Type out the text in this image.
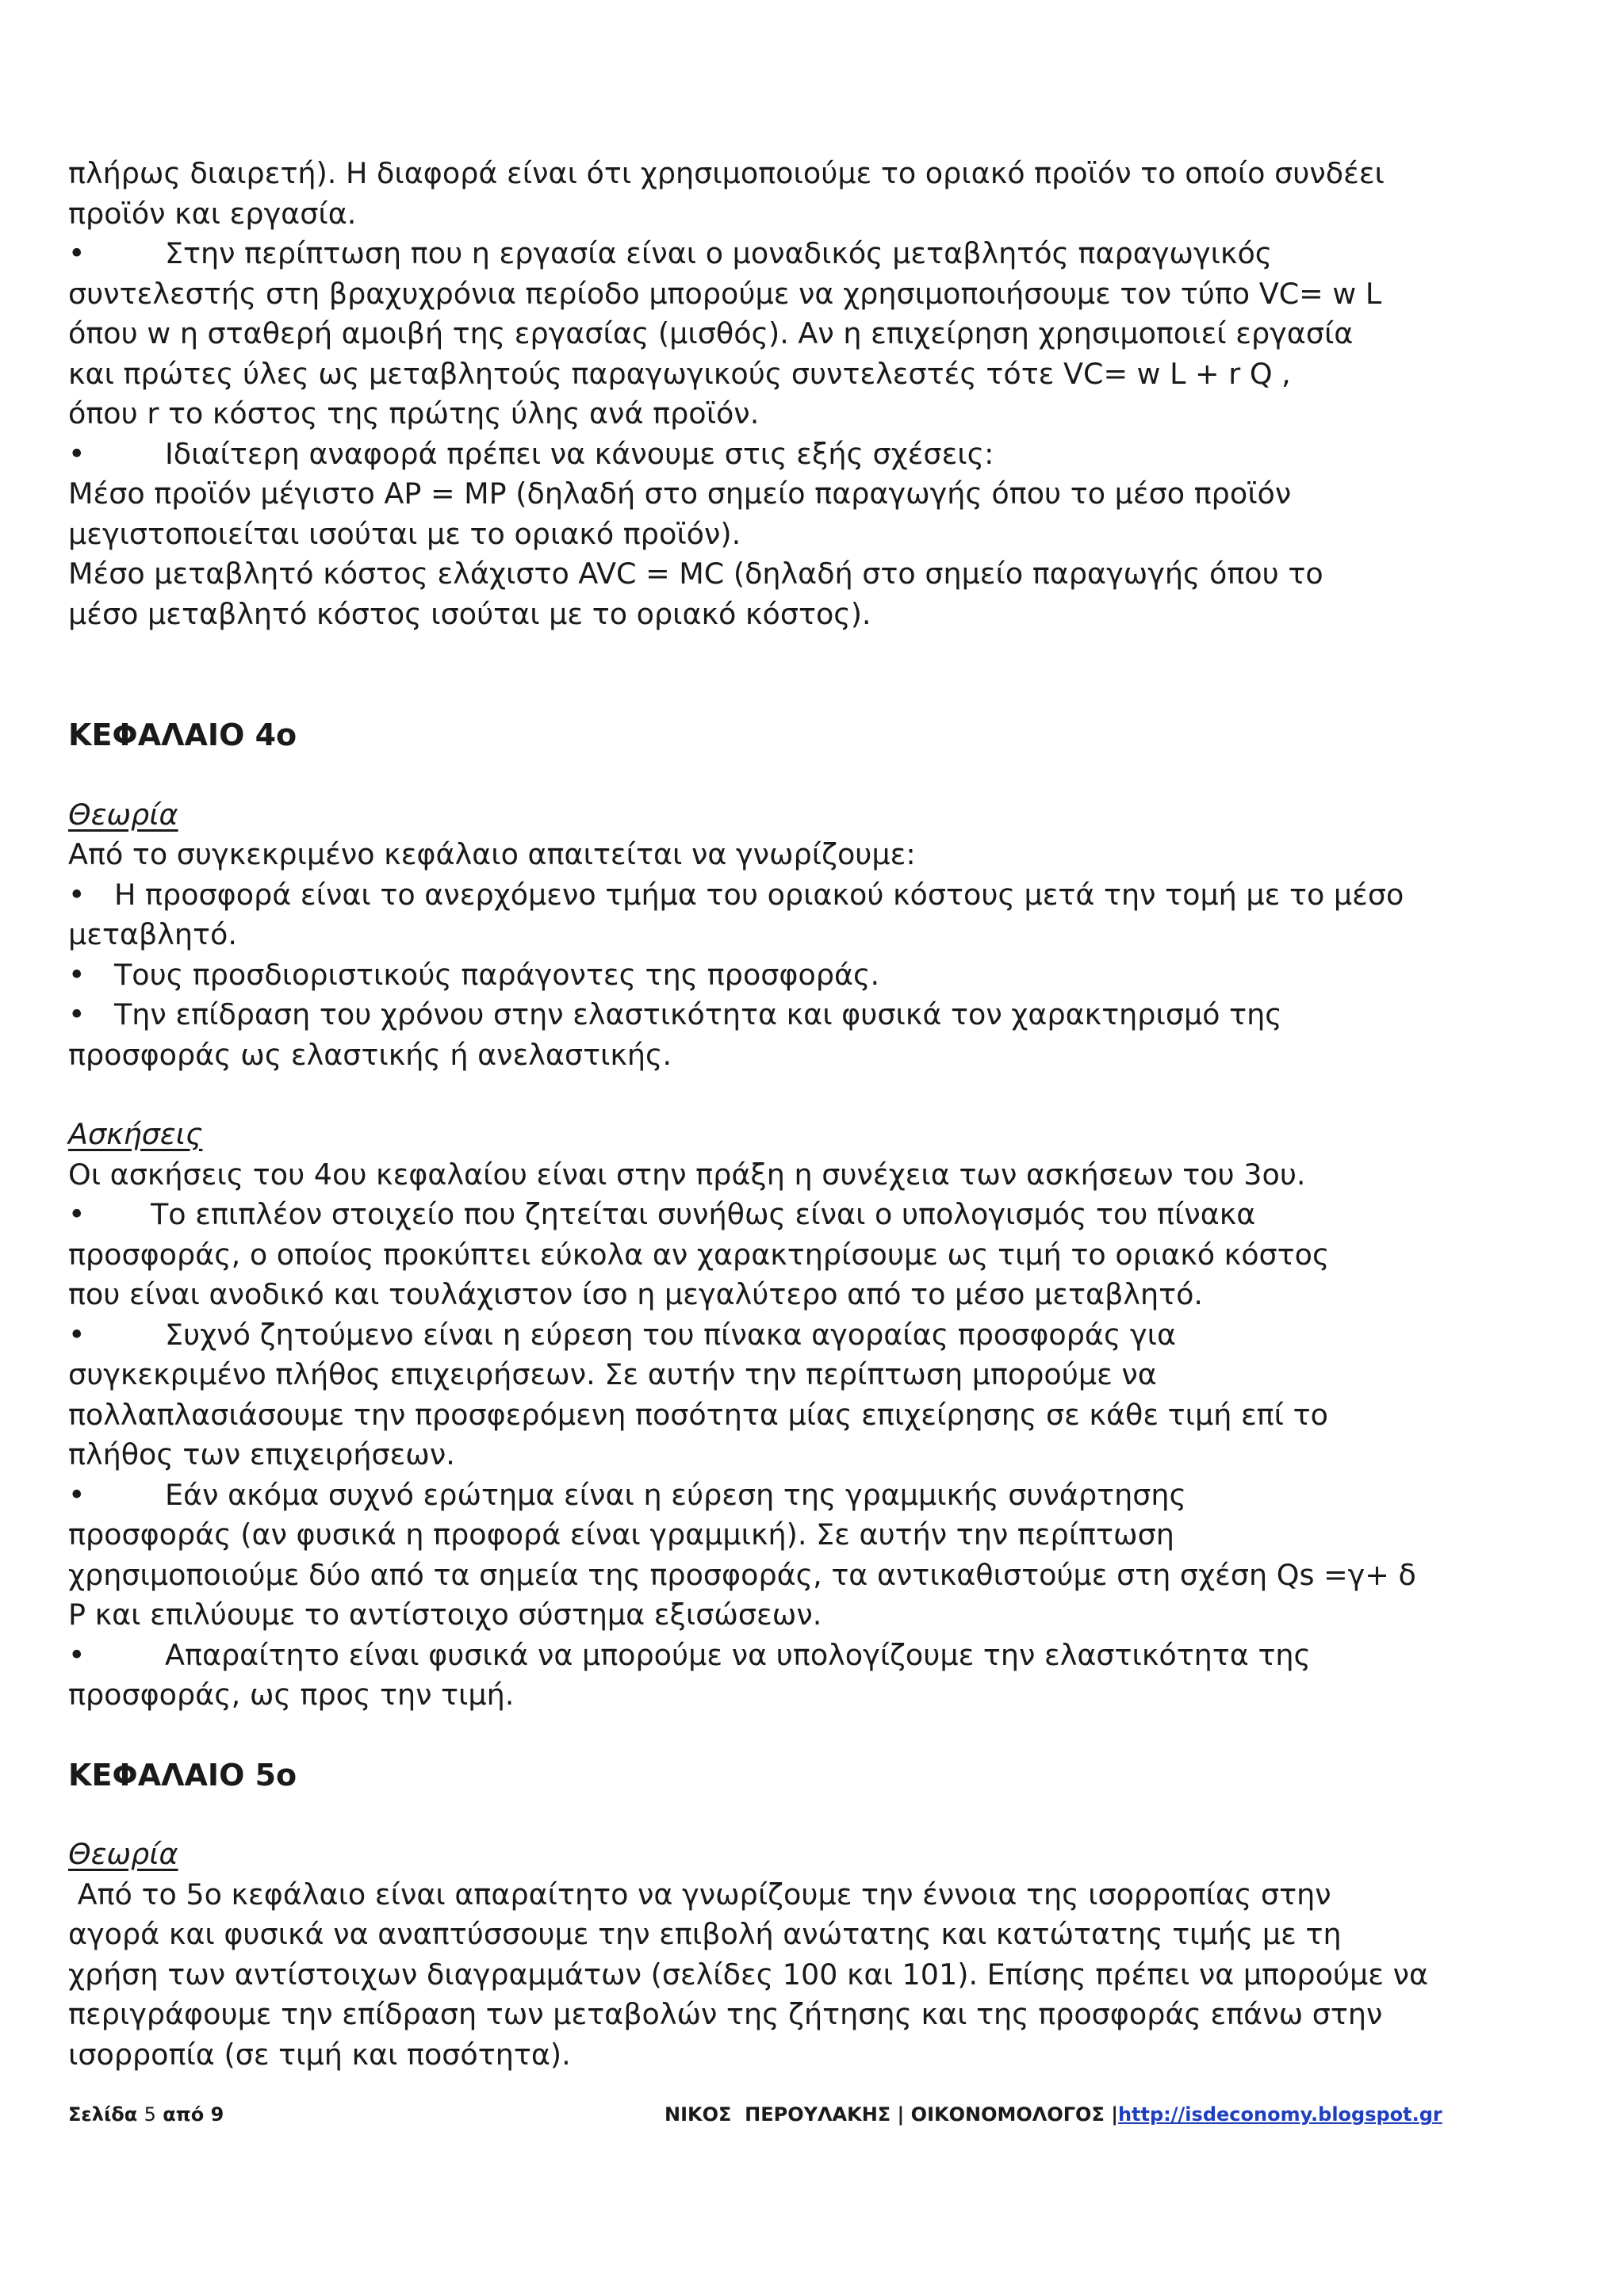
πλήρως διαιρετή). Η διαφορά είναι ότι χρησιμοποιούμε το οριακό προϊόν το οποίο συνδέει
προϊόν και εργασία.
•	Στην περίπτωση που η εργασία είναι ο μοναδικός μεταβλητός παραγωγικός
συντελεστής στη βραχυχρόνια περίοδο μπορούμε να χρησιμοποιήσουμε τον τύπο VC= w L
όπου w η σταθερή αμοιβή της εργασίας (μισθός). Αν η επιχείρηση χρησιμοποιεί εργασία
και πρώτες ύλες ως μεταβλητούς παραγωγικούς συντελεστές τότε VC= w L + r Q ,
όπου r το κόστος της πρώτης ύλης ανά προϊόν.
•	Ιδιαίτερη αναφορά πρέπει να κάνουμε στις εξής σχέσεις:
Μέσο προϊόν μέγιστο AP = MP (δηλαδή στο σημείο παραγωγής όπου το μέσο προϊόν
μεγιστοποιείται ισούται με το οριακό προϊόν).
Μέσο μεταβλητό κόστος ελάχιστο AVC = MC (δηλαδή στο σημείο παραγωγής όπου το
μέσο μεταβλητό κόστος ισούται με το οριακό κόστος).
ΚΕΦΑΛΑΙΟ 4ο
Θεωρία
Από το συγκεκριμένο κεφάλαιο απαιτείται να γνωρίζουμε:
• Η προσφορά είναι το ανερχόμενο τμήμα του οριακού κόστους μετά την τομή με το μέσο
μεταβλητό.
• Τους προσδιοριστικούς παράγοντες της προσφοράς.
• Την επίδραση του χρόνου στην ελαστικότητα και φυσικά τον χαρακτηρισμό της
προσφοράς ως ελαστικής ή ανελαστικής.
Ασκήσεις
Οι ασκήσεις του 4ου κεφαλαίου είναι στην πράξη η συνέχεια των ασκήσεων του 3ου.
• Το επιπλέον στοιχείο που ζητείται συνήθως είναι ο υπολογισμός του πίνακα
προσφοράς, ο οποίος προκύπτει εύκολα αν χαρακτηρίσουμε ως τιμή το οριακό κόστος
που είναι ανοδικό και τουλάχιστον ίσο η μεγαλύτερο από το μέσο μεταβλητό.
•	Συχνό ζητούμενο είναι η εύρεση του πίνακα αγοραίας προσφοράς για
συγκεκριμένο πλήθος επιχειρήσεων. Σε αυτήν την περίπτωση μπορούμε να
πολλαπλασιάσουμε την προσφερόμενη ποσότητα μίας επιχείρησης σε κάθε τιμή επί το
πλήθος των επιχειρήσεων.
•	Εάν ακόμα συχνό ερώτημα είναι η εύρεση της γραμμικής συνάρτησης
προσφοράς (αν φυσικά η προφορά είναι γραμμική). Σε αυτήν την περίπτωση
χρησιμοποιούμε δύο από τα σημεία της προσφοράς, τα αντικαθιστούμε στη σχέση Qs =γ+ δ
P και επιλύουμε το αντίστοιχο σύστημα εξισώσεων.
•	Απαραίτητο είναι φυσικά να μπορούμε να υπολογίζουμε την ελαστικότητα της
προσφοράς, ως προς την τιμή.
ΚΕΦΑΛΑΙΟ 5ο
Θεωρία
Από το 5ο κεφάλαιο είναι απαραίτητο να γνωρίζουμε την έννοια της ισορροπίας στην
αγορά και φυσικά να αναπτύσσουμε την επιβολή ανώτατης και κατώτατης τιμής με τη
χρήση των αντίστοιχων διαγραμμάτων (σελίδες 100 και 101). Επίσης πρέπει να μπορούμε να
περιγράφουμε την επίδραση των μεταβολών της ζήτησης και της προσφοράς επάνω στην
ισορροπία (σε τιμή και ποσότητα).
Σελίδα 5 από 9	ΝΙΚΟΣ  ΠΕΡΟΥΛΑΚΗΣ | ΟΙΚΟΝΟΜΟΛΟΓΟΣ |http://isdeconomy.blogspot.gr
